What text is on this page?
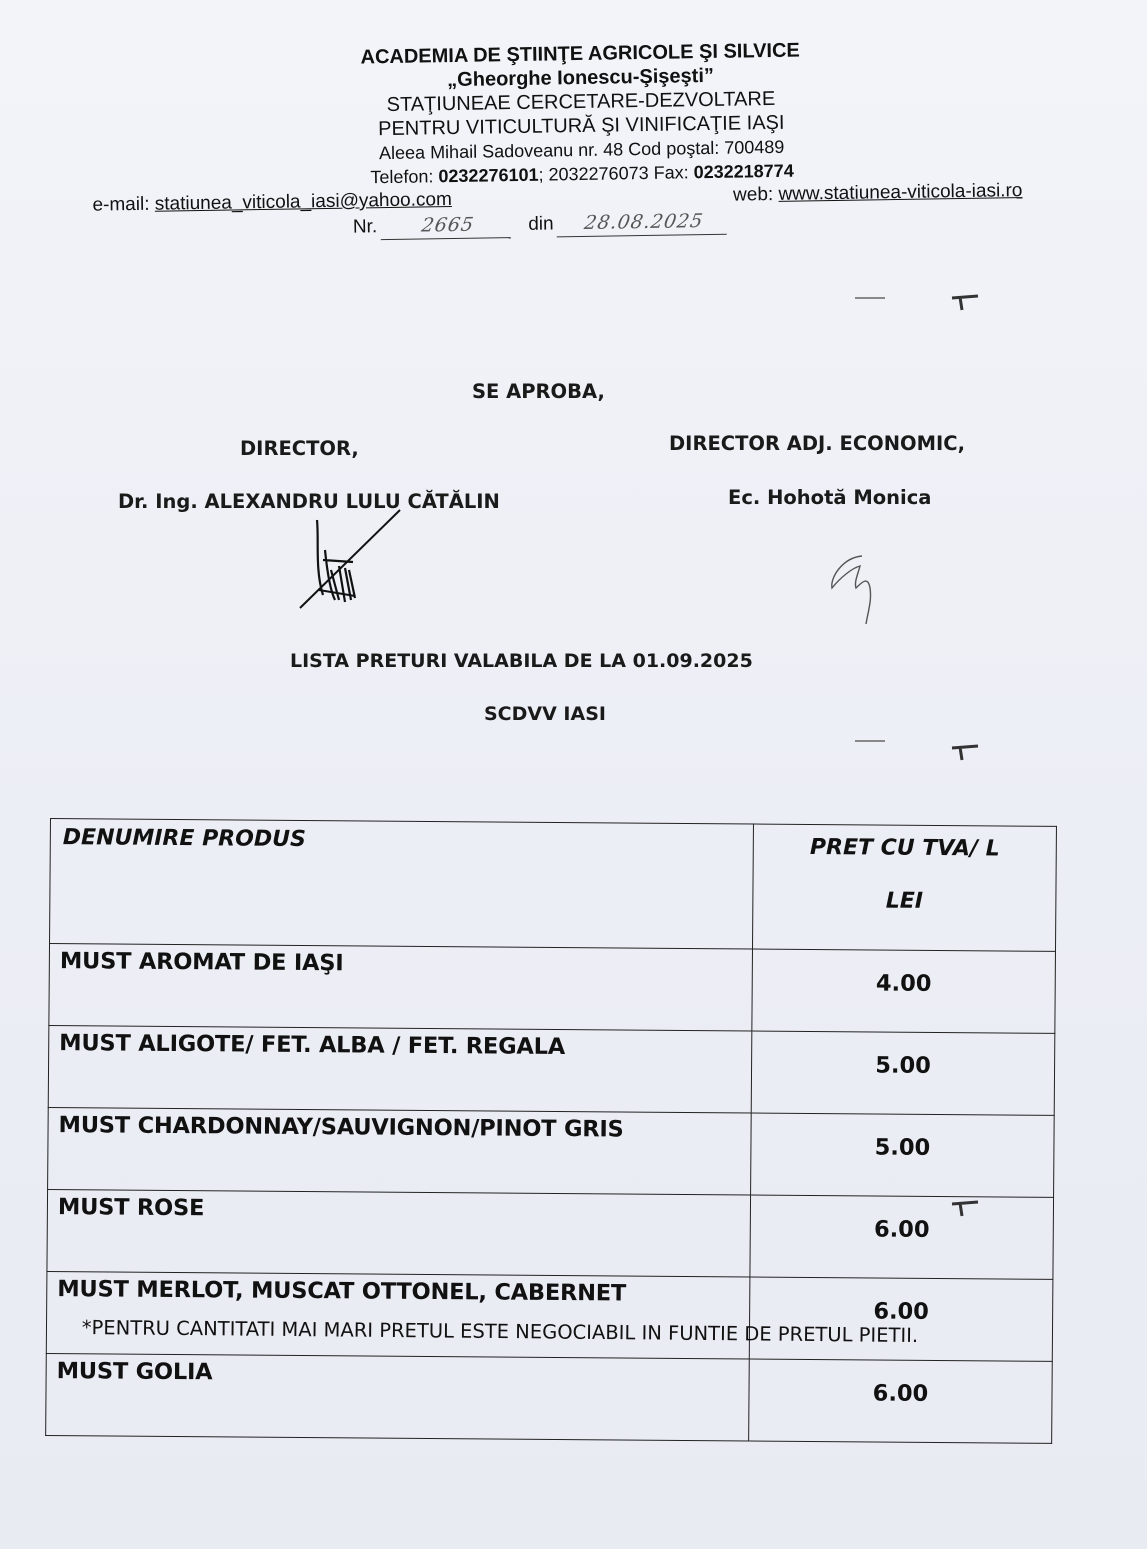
ACADEMIA DE ŞTIINŢE AGRICOLE ŞI SILVICE
„Gheorghe Ionescu-Şişeşti”
STAŢIUNEAE CERCETARE-DEZVOLTARE
PENTRU VITICULTURĂ ŞI VINIFICAŢIE IAŞI
Aleea Mihail Sadoveanu nr. 48 Cod poştal: 700489
Telefon: 0232276101; 2032276073 Fax: 0232218774
e-mail: statiunea_viticola_iasi@yahoo.com	web: www.statiunea-viticola-iasi.ro
Nr. 2665	din 28.08.2025
SE APROBA,
DIRECTOR,	DIRECTOR ADJ. ECONOMIC,
Dr. Ing. ALEXANDRU LULU CĂTĂLIN	Ec. Hohotă Monica
LISTA PRETURI VALABILA DE LA 01.09.2025
SCDVV IASI
DENUMIRE PRODUS	PRET CU TVA/ L
LEI

MUST AROMAT DE IAŞI	4.00
MUST ALIGOTE/ FET. ALBA / FET. REGALA	5.00
MUST CHARDONNAY/SAUVIGNON/PINOT GRIS	5.00
MUST ROSE	6.00
MUST MERLOT, MUSCAT OTTONEL, CABERNET	6.00
MUST GOLIA	6.00
*PENTRU CANTITATI MAI MARI PRETUL ESTE NEGOCIABIL IN FUNTIE DE PRETUL PIETII.
